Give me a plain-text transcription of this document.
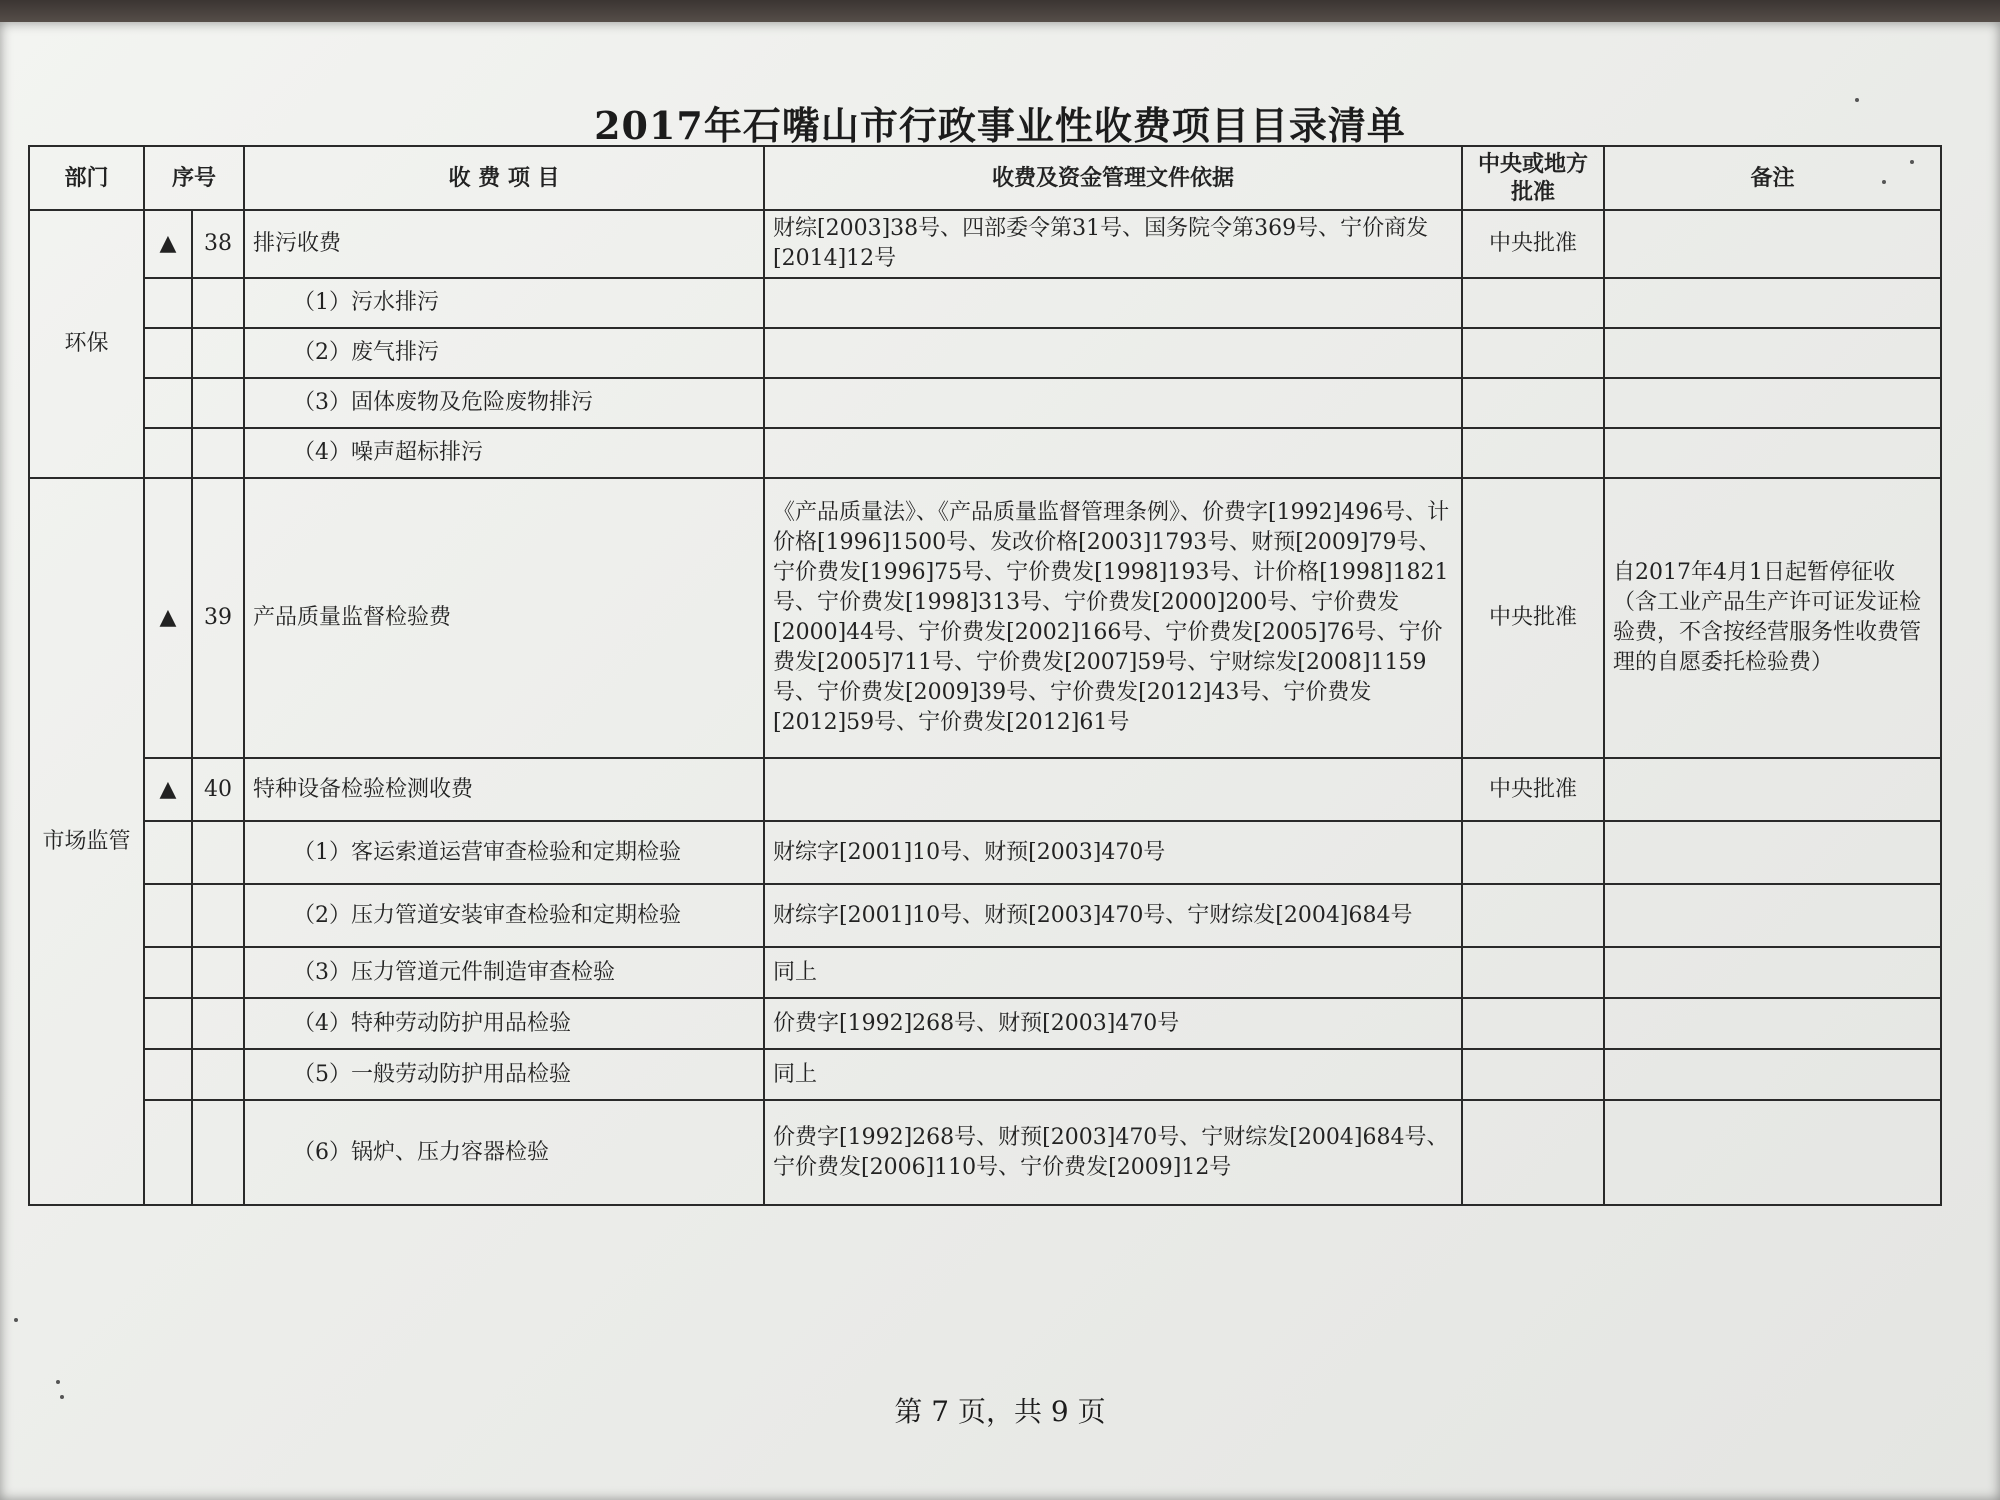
2017年石嘴山市行政事业性收费项目目录清单
部门	序号		收 费 项 目	收费及资金管理文件依据	中央或地方批准	备注
环保	▲	38	排污收费	财综[2003]38号、四部委令第31号、国务院令第369号、宁价商发[2014]12号	中央批准	
			（1）污水排污			
			（2）废气排污			
			（3）固体废物及危险废物排污			
			（4）噪声超标排污			
市场监管	▲	39	产品质量监督检验费	《产品质量法》、《产品质量监督管理条例》、价费字[1992]496号、计价格[1996]1500号、发改价格[2003]1793号、财预[2009]79号、宁价费发[1996]75号、宁价费发[1998]193号、计价格[1998]1821号、宁价费发[1998]313号、宁价费发[2000]200号、宁价费发[2000]44号、宁价费发[2002]166号、宁价费发[2005]76号、宁价费发[2005]711号、宁价费发[2007]59号、宁财综发[2008]1159号、宁价费发[2009]39号、宁价费发[2012]43号、宁价费发[2012]59号、宁价费发[2012]61号	中央批准	自2017年4月1日起暂停征收（含工业产品生产许可证发证检验费，不含按经营服务性收费管理的自愿委托检验费）
	▲	40	特种设备检验检测收费		中央批准	
			（1）客运索道运营审查检验和定期检验	财综字[2001]10号、财预[2003]470号		
			（2）压力管道安装审查检验和定期检验	财综字[2001]10号、财预[2003]470号、宁财综发[2004]684号		
			（3）压力管道元件制造审查检验	同上		
			（4）特种劳动防护用品检验	价费字[1992]268号、财预[2003]470号		
			（5）一般劳动防护用品检验	同上		
			（6）锅炉、压力容器检验	价费字[1992]268号、财预[2003]470号、宁财综发[2004]684号、宁价费发[2006]110号、宁价费发[2009]12号		
第 7 页，共 9 页
